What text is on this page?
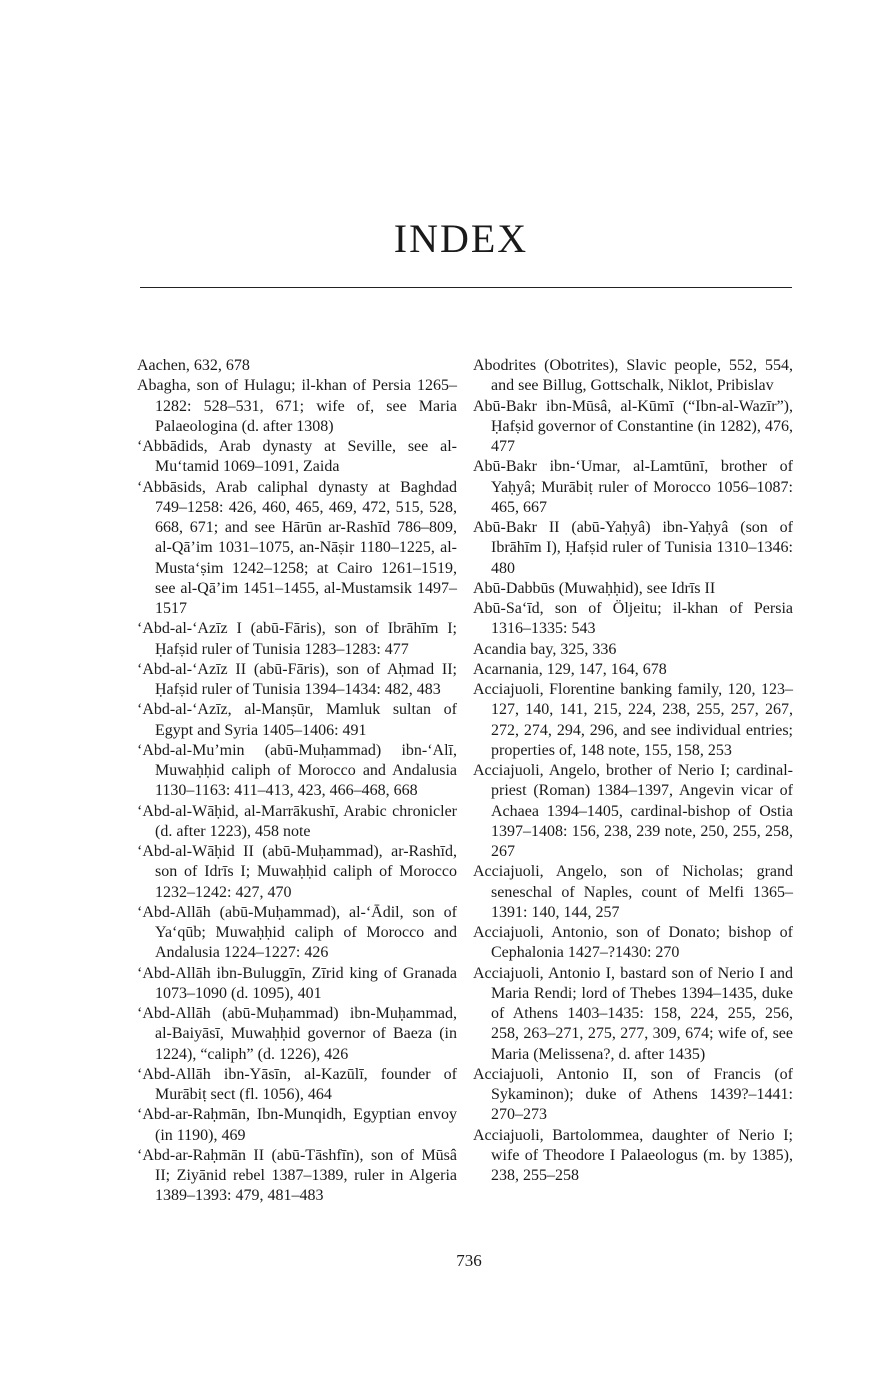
INDEX

Aachen, 632, 678

Abagha, son of Hulagu; il-khan of Persia 1265–1282: 528–531, 671; wife of, see Maria Palaeologina (d. after 1308)

‘Abbādids, Arab dynasty at Seville, see al-Mu‘tamid 1069–1091, Zaida

‘Abbāsids, Arab caliphal dynasty at Baghdad 749–1258: 426, 460, 465, 469, 472, 515, 528, 668, 671; and see Hārūn ar-Rashīd 786–809, al-Qā’im 1031–1075, an-Nāṣir 1180–1225, al-Musta‘ṣim 1242–1258; at Cairo 1261–1519, see al-Qā’im 1451–1455, al-Mustamsik 1497–1517

‘Abd-al-‘Azīz I (abū-Fāris), son of Ibrāhīm I; Ḥafṣid ruler of Tunisia 1283–1283: 477

‘Abd-al-‘Azīz II (abū-Fāris), son of Aḥmad II; Ḥafṣid ruler of Tunisia 1394–1434: 482, 483

‘Abd-al-‘Azīz, al-Manṣūr, Mamluk sultan of Egypt and Syria 1405–1406: 491

‘Abd-al-Mu’min (abū-Muḥammad) ibn-‘Alī, Muwaḥḥid caliph of Morocco and Andalusia 1130–1163: 411–413, 423, 466–468, 668

‘Abd-al-Wāḥid, al-Marrākushī, Arabic chronicler (d. after 1223), 458 note

‘Abd-al-Wāḥid II (abū-Muḥammad), ar-Rashīd, son of Idrīs I; Muwaḥḥid caliph of Morocco 1232–1242: 427, 470

‘Abd-Allāh (abū-Muḥammad), al-‘Ādil, son of Ya‘qūb; Muwaḥḥid caliph of Morocco and Andalusia 1224–1227: 426

‘Abd-Allāh ibn-Buluggīn, Zīrid king of Granada 1073–1090 (d. 1095), 401

‘Abd-Allāh (abū-Muḥammad) ibn-Muḥammad, al-Baiyāsī, Muwaḥḥid governor of Baeza (in 1224), “caliph” (d. 1226), 426

‘Abd-Allāh ibn-Yāsīn, al-Kazūlī, founder of Murābiṭ sect (fl. 1056), 464

‘Abd-ar-Raḥmān, Ibn-Munqidh, Egyptian envoy (in 1190), 469

‘Abd-ar-Raḥmān II (abū-Tāshfīn), son of Mūsâ II; Ziyānid rebel 1387–1389, ruler in Algeria 1389–1393: 479, 481–483

Abodrites (Obotrites), Slavic people, 552, 554, and see Billug, Gottschalk, Niklot, Pribislav

Abū-Bakr ibn-Mūsâ, al-Kūmī (“Ibn-al-Wazīr”), Ḥafṣid governor of Constantine (in 1282), 476, 477

Abū-Bakr ibn-‘Umar, al-Lamtūnī, brother of Yaḥyâ; Murābiṭ ruler of Morocco 1056–1087: 465, 667

Abū-Bakr II (abū-Yaḥyâ) ibn-Yaḥyâ (son of Ibrāhīm I), Ḥafṣid ruler of Tunisia 1310–1346: 480

Abū-Dabbūs (Muwaḥḥid), see Idrīs II

Abū-Sa‘īd, son of Öljeitu; il-khan of Persia 1316–1335: 543

Acandia bay, 325, 336

Acarnania, 129, 147, 164, 678

Acciajuoli, Florentine banking family, 120, 123–127, 140, 141, 215, 224, 238, 255, 257, 267, 272, 274, 294, 296, and see individual entries; properties of, 148 note, 155, 158, 253

Acciajuoli, Angelo, brother of Nerio I; cardinal-priest (Roman) 1384–1397, Angevin vicar of Achaea 1394–1405, cardinal-bishop of Ostia 1397–1408: 156, 238, 239 note, 250, 255, 258, 267

Acciajuoli, Angelo, son of Nicholas; grand seneschal of Naples, count of Melfi 1365–1391: 140, 144, 257

Acciajuoli, Antonio, son of Donato; bishop of Cephalonia 1427–?1430: 270

Acciajuoli, Antonio I, bastard son of Nerio I and Maria Rendi; lord of Thebes 1394–1435, duke of Athens 1403–1435: 158, 224, 255, 256, 258, 263–271, 275, 277, 309, 674; wife of, see Maria (Melissena?, d. after 1435)

Acciajuoli, Antonio II, son of Francis (of Sykaminon); duke of Athens 1439?–1441: 270–273

Acciajuoli, Bartolommea, daughter of Nerio I; wife of Theodore I Palaeologus (m. by 1385), 238, 255–258

736
